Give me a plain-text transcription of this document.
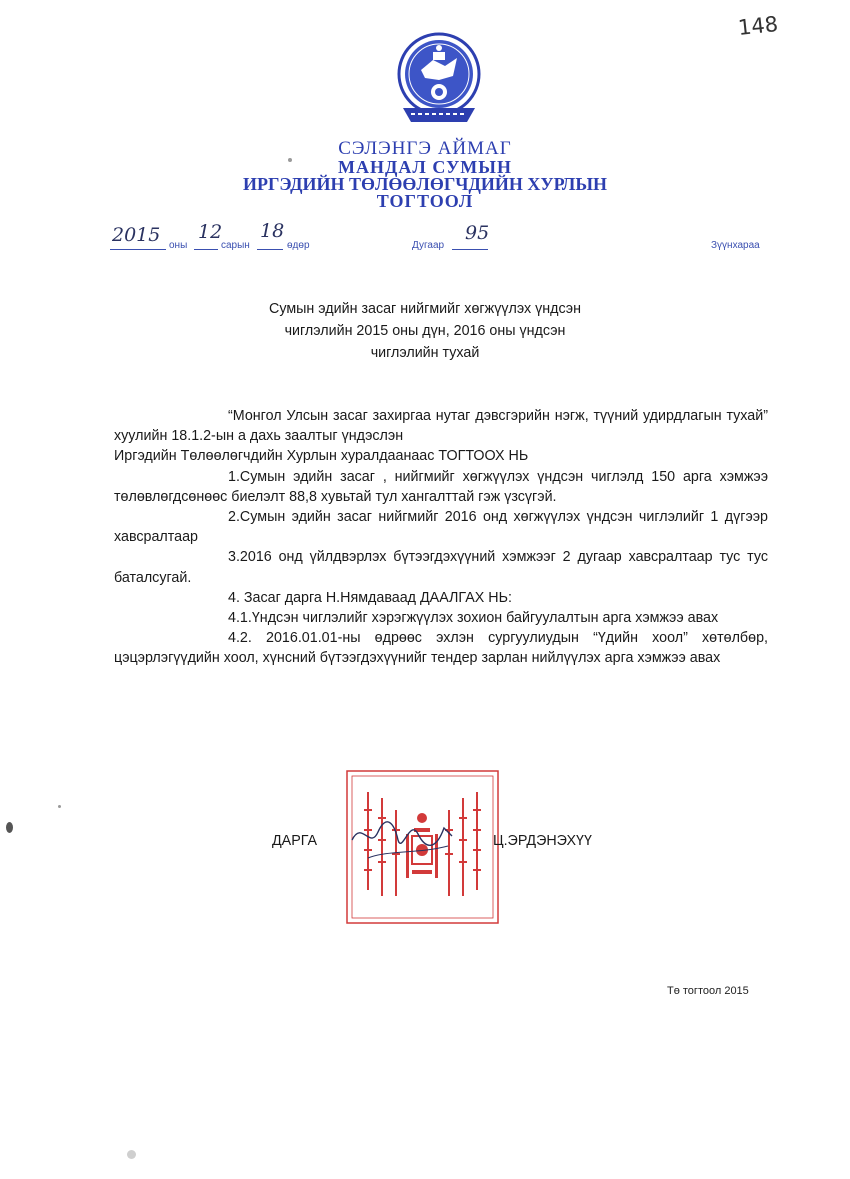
148
СЭЛЭНГЭ АЙМАГ
МАНДАЛ СУМЫН
ИРГЭДИЙН ТӨЛӨӨЛӨГЧДИЙН ХУРЛЫН
ТОГТООЛ
2015 оны
12
сарын
18
өдөр	Дугаар
95
Зүүнхараа
Сумын эдийн засаг нийгмийг хөгжүүлэх үндсэн
чиглэлийн 2015 оны дүн, 2016 оны үндсэн
чиглэлийн тухай

“Монгол Улсын засаг захиргаа нутаг дэвсгэрийн нэгж, түүний удирдлагын тухай” хуулийн 18.1.2-ын а дахь заалтыг үндэслэн

Иргэдийн Төлөөлөгчдийн Хурлын хуралдаанаас ТОГТООХ НЬ

1.Сумын эдийн засаг , нийгмийг хөгжүүлэх үндсэн чиглэлд 150 арга хэмжээ төлөвлөгдсөнөөс биелэлт 88,8 хувьтай тул хангалттай гэж үзсүгэй.

2.Сумын эдийн засаг нийгмийг 2016 онд хөгжүүлэх үндсэн чиглэлийг 1 дүгээр хавсралтаар

3.2016 онд үйлдвэрлэх бүтээгдэхүүний хэмжээг 2 дугаар хавсралтаар тус тус баталсугай.

4. Засаг дарга Н.Нямдаваад ДААЛГАХ НЬ:

4.1.Үндсэн чиглэлийг хэрэгжүүлэх зохион байгуулалтын арга хэмжээ авах

4.2. 2016.01.01-ны өдрөөс эхлэн сургуулиудын “Үдийн хоол” хөтөлбөр, цэцэрлэгүүдийн хоол, хүнсний бүтээгдэхүүнийг тендер зарлан нийлүүлэх арга хэмжээ авах

ДАРГА	Ц.ЭРДЭНЭХҮҮ
Тө тогтоол 2015
